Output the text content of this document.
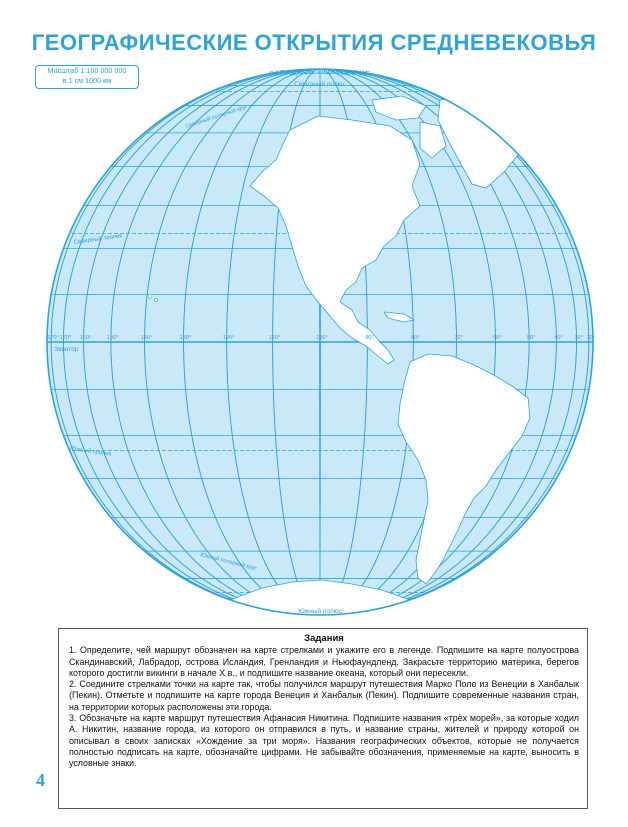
ГЕОГРАФИЧЕСКИЕ ОТКРЫТИЯ СРЕДНЕВЕКОВЬЯ
ЗАПАДНОЕ ПОЛУШАРИЕ
Северный полюс
Южный полюс
Экватор
Северный тропик
Южный тропик
Северный полярный круг
Южный полярный круг
170° 170° 160°	150°	140°	130°	120°	110°	100°	90°	80°	70°	60°	50°	40° 30° 20°
Масштаб 1:100 000 000
в 1 см 1000 км
Задания

1. Определите, чей маршрут обозначен на карте стрелками и укажите его в легенде. Подпишите на карте полуострова Скандинавский, Лабрадор, острова Исландия, Гренландия и Ньюфаундленд. Закрасьте территорию материка, берегов которого достигли викинги в начале X в., и подпишите название океана, который они пересекли.

2. Соедините стрелками точки на карте так, чтобы получился маршрут путешествия Марко Поло из Венеции в Ханбалык (Пекин). Отметьте и подпишите на карте города Венеция и Ханбалык (Пекин). Подпишите современные названия стран, на территории которых расположены эти города.

3. Обозначьте на карте маршрут путешествия Афанасия Никитина. Подпишите названия «трёх морей», за которые ходил А. Никитин, название города, из которого он отправился в путь, и название страны, жителей и природу которой он описывал в своих записках «Хождение за три моря». Названия географических объектов, которые не получается полностью подписать на карте, обозначайте цифрами. Не забывайте обозначения, применяемые на карте, выносить в условные знаки.

4
